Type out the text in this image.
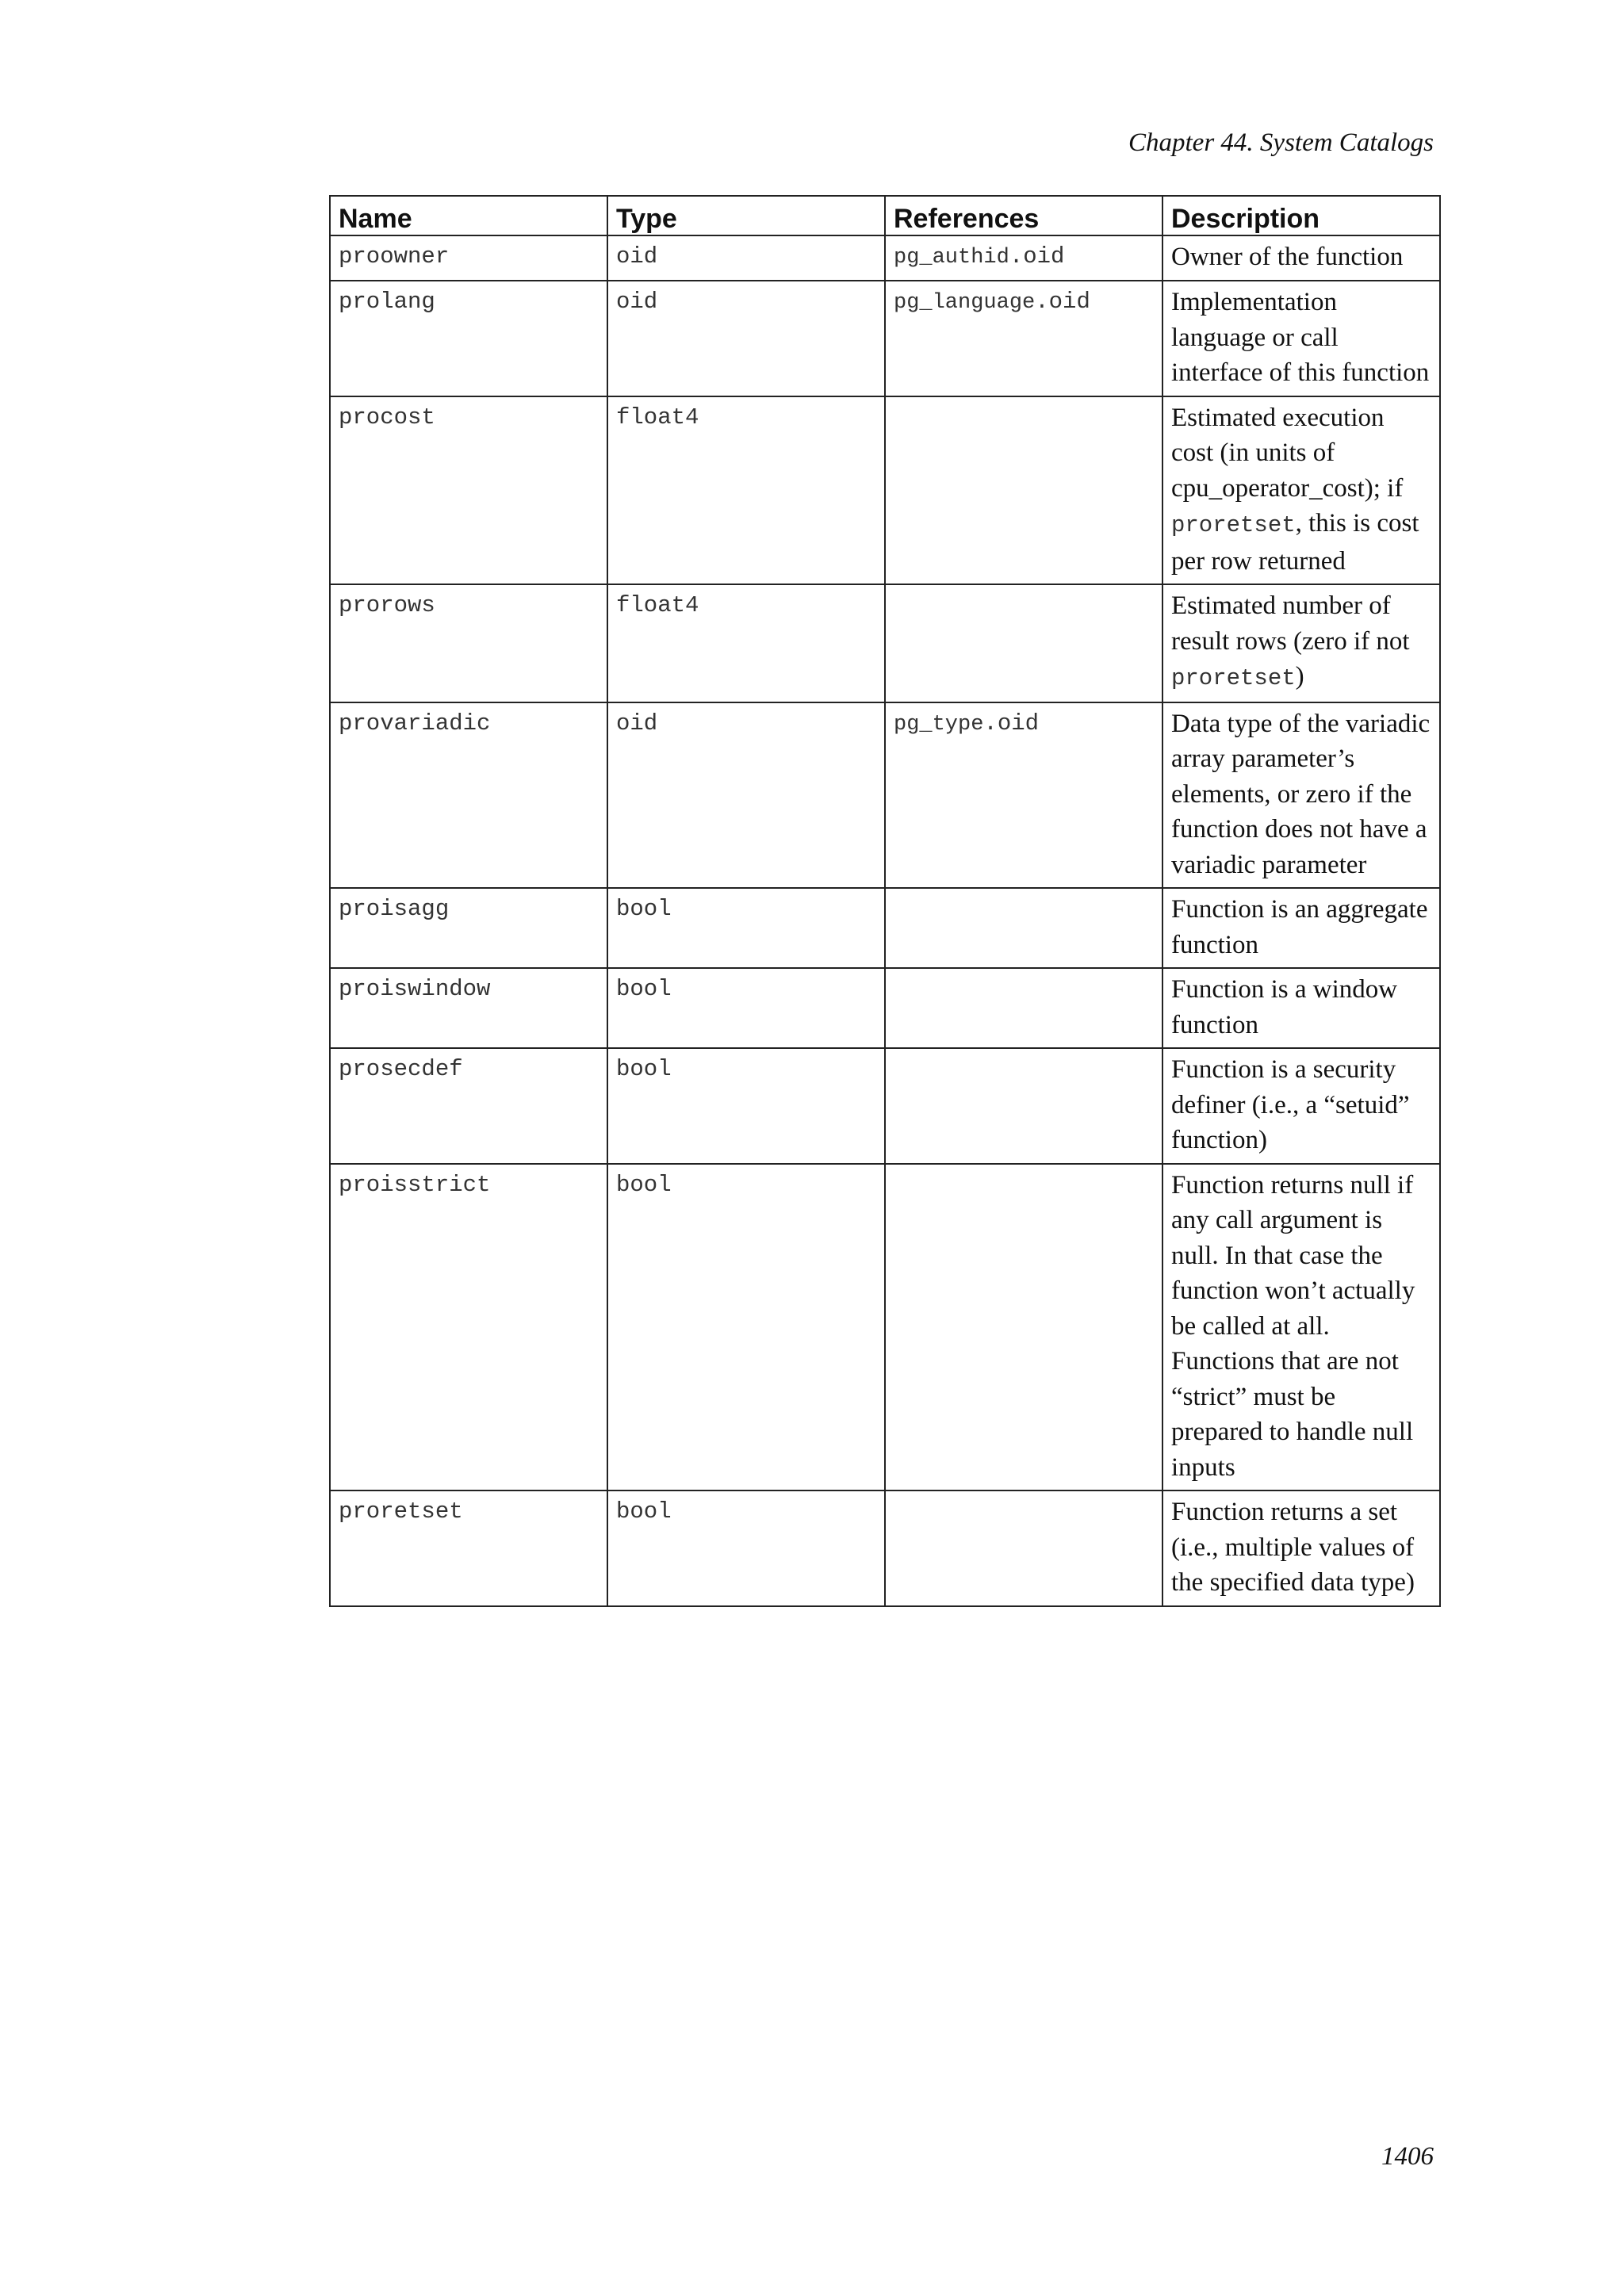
Chapter 44. System Catalogs
Name	Type	References	Description
proowner	oid	pg_authid.oid	Owner of the function
prolang	oid	pg_language.oid	Implementation language or call interface of this function
procost	float4		Estimated execution cost (in units of cpu_operator_cost); if proretset, this is cost per row returned
prorows	float4		Estimated number of result rows (zero if not proretset)
provariadic	oid	pg_type.oid	Data type of the variadic array parameter’s elements, or zero if the function does not have a variadic parameter
proisagg	bool		Function is an aggregate function
proiswindow	bool		Function is a window function
prosecdef	bool		Function is a security definer (i.e., a “setuid” function)
proisstrict	bool		Function returns null if any call argument is null. In that case the function won’t actually be called at all. Functions that are not “strict” must be prepared to handle null inputs
proretset	bool		Function returns a set (i.e., multiple values of the specified data type)
1406
